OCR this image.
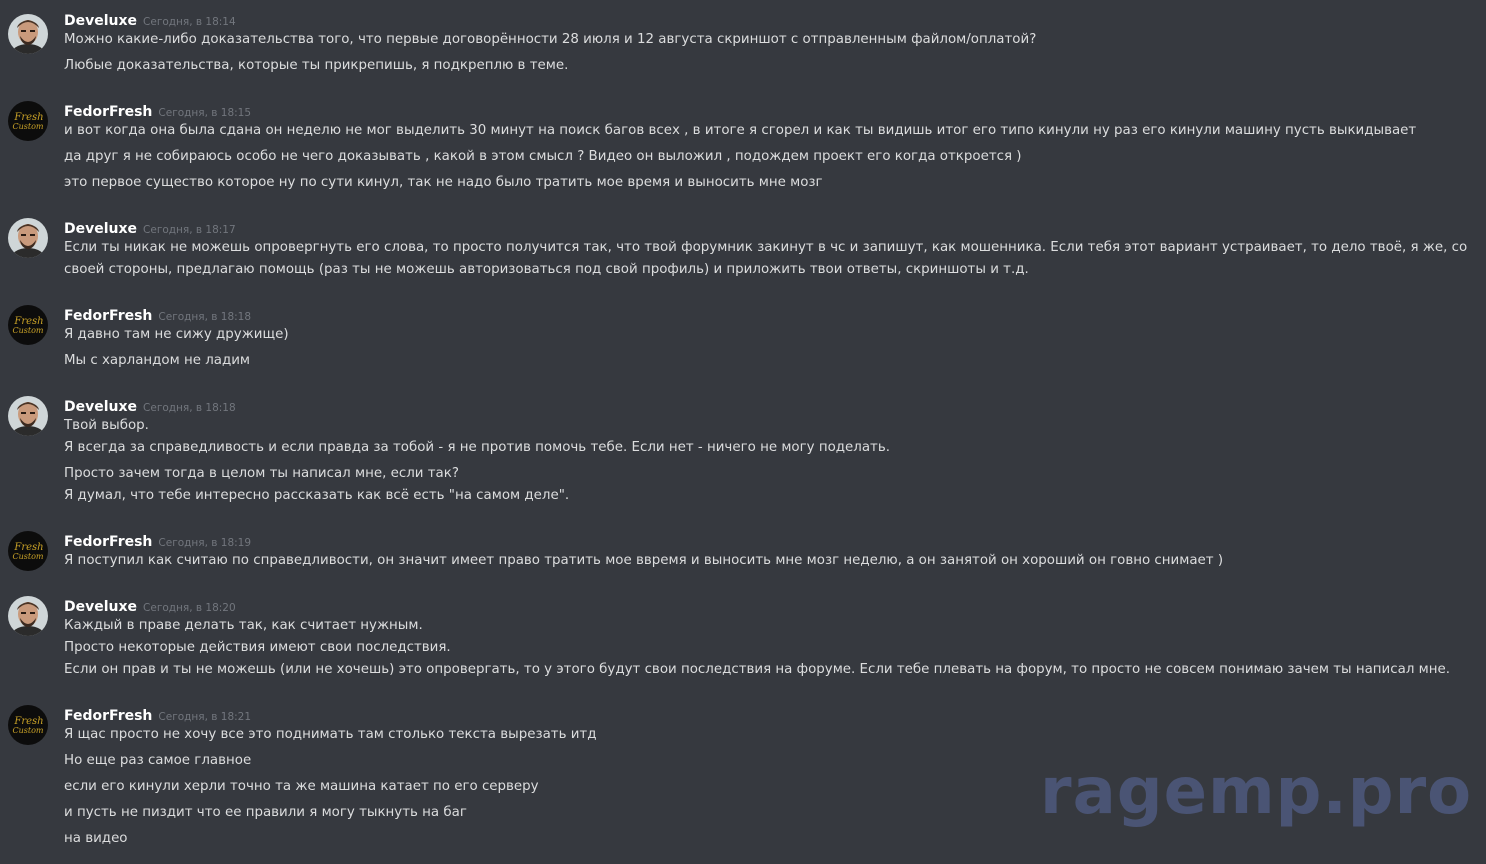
Develuxe Сегодня, в 18:14
Можно какие-либо доказательства того, что первые договорённости 28 июля и 12 августа скриншот с отправленным файлом/оплатой?
Любые доказательства, которые ты прикрепишь, я подкреплю в теме.
Fresh
Custom
FedorFresh Сегодня, в 18:15
и вот когда она была сдана он неделю не мог выделить 30 минут на поиск багов всех , в итоге я сгорел и как ты видишь итог его типо кинули ну раз его кинули машину пусть выкидывает
да друг я не собираюсь особо не чего доказывать , какой в этом смысл ? Видео он выложил , подождем проект его когда откроется )
это первое существо которое ну по сути кинул, так не надо было тратить мое время и выносить мне мозг
Develuxe Сегодня, в 18:17
Если ты никак не можешь опровергнуть его слова, то просто получится так, что твой форумник закинут в чс и запишут, как мошенника. Если тебя этот вариант устраивает, то дело твоё, я же, со своей стороны, предлагаю помощь (раз ты не можешь авторизоваться под свой профиль) и приложить твои ответы, скриншоты и т.д.
Fresh
Custom
FedorFresh Сегодня, в 18:18
Я давно там не сижу дружище)
Мы с харландом не ладим
Develuxe Сегодня, в 18:18
Твой выбор.
Я всегда за справедливость и если правда за тобой - я не против помочь тебе. Если нет - ничего не могу поделать.
Просто зачем тогда в целом ты написал мне, если так?
Я думал, что тебе интересно рассказать как всё есть "на самом деле".
Fresh
Custom
FedorFresh Сегодня, в 18:19
Я поступил как считаю по справедливости, он значит имеет право тратить мое ввремя и выносить мне мозг неделю, а он занятой он хороший он говно снимает )
Develuxe Сегодня, в 18:20
Каждый в праве делать так, как считает нужным.
Просто некоторые действия имеют свои последствия.
Если он прав и ты не можешь (или не хочешь) это опровергать, то у этого будут свои последствия на форуме. Если тебе плевать на форум, то просто не совсем понимаю зачем ты написал мне.
Fresh
Custom
FedorFresh Сегодня, в 18:21
Я щас просто не хочу все это поднимать там столько текста вырезать итд
Но еще раз самое главное
если его кинули херли точно та же машина катает по его серверу
и пусть не пиздит что ее правили я могу тыкнуть на баг
на видео
ragemp.pro
